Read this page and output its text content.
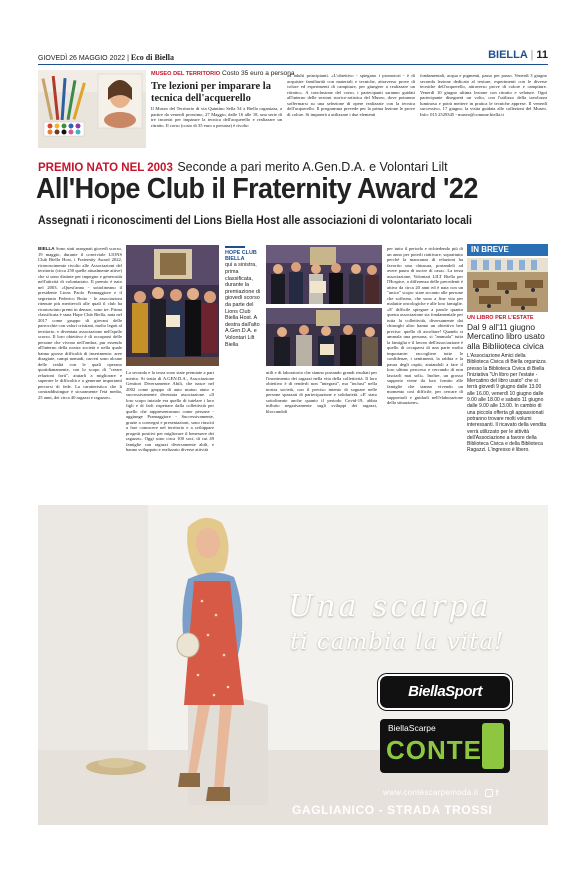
GIOVEDÌ 26 MAGGIO 2022 | Eco di Biella	BIELLA | 11
MUSEO DEL TERRITORIO Costo 35 euro a persona
Tre lezioni per imparare la tecnica dell'acquerello
Il Museo del Territorio di via Quintino Sella 54 a Biella organizza, a partire da venerdì prossimo, 27 Maggio, dalle 16 alle 18, una serie di tre incontri per imparare la tecnica dell'acquerello e realizzare un ritratto. Il corso (costo di 35 euro a persona) è rivolto
ad adulti principianti. «L'obiettivo - spiegano i promotori - è di acquisire familiarità con materiali e tecniche, attraverso prove di colore ed esperimenti di campiture, per giungere a realizzare un ritratto». A conclusione del corso, i partecipanti saranno guidati all'interno delle sezioni storico-artistica del Museo, dove potranno soffermarsi su una selezione di opere realizzate con la tecnica dell'acquerello. Il programma prevede per la prima lezione le prove di colore. Si imparerà a utilizzare i due elementi
fondamentali, acqua e pigmenti, passo per passo. Venerdì 3 giugno seconda lezione dedicata al texture, esperimenti con le diverse tecniche dell'acquerello, attraverso prove di colore e campiture. Venerdì 10 giugno ultima lezione con ritratto e velature. Ogni partecipante disegnerà un volto, con l'utilizzo della tavolozza luminosa e potrà mettere in pratica le tecniche apprese. Il venerdì successivo, 17 giugno, la visita guidata alle collezioni del Museo. Info: 015 2529345 - museo@comune.biella.it
PREMIO NATO NEL 2003 Seconde a pari merito A.Gen.D.A. e Volontari Lilt
All'Hope Club il Fraternity Award '22
Assegnati i riconoscimenti del Lions Biella Host alle associazioni di volontariato locali
BIELLA Sono stati assegnati giovedì scorso, 19 maggio, durante il conviviale LIONS Club Biella Host, i Fraternity Award 2022, riconoscimento rivolto alle Associazioni del territorio (circa 250 quelle attualmente attive) che si sono distinte per impegno e generosità nell'attività di volontariato. Il premio è nato nel 2003. «Quest'anno - sottolineano il presidente Lions Paolo Pramaggiore e il segretario Federico Botto - le associazioni ritenute più meritevoli alle quali il club ha riconosciuto premi in denaro, sono tre. Prima classificata è stata Hope Club Biella, nata nel 2017 come gruppo di giovani delle parrocchie con valori cristiani, molto legati al territorio, e diventata associazione nell'aprile scorso. Il loro obiettivo è di occuparsi delle persone che vivono nell'ombra, pur essendo all'interno della nostra società e nella quale hanno grosse difficoltà di inserimento: aree disagiate, campi nomadi, carceri sono alcune delle realtà con le quali operano quotidianamente, con lo scopo di "creare relazioni forti", aiutarli a migliorare e superare le difficoltà e a generare importanti percorsi di fede. La caratteristica che li contraddistingue è sicuramente l'età media, 25 anni, dei circa 40 ragazzi e ragazze».
HOPE CLUB BIELLA
qui a sinistra, prima classificata, durante la premiazione di giovedì scorso da parte del Lions Club Biella Host. A destra dall'alto A.Gen.D.A. e Volontari Lilt Biella
La seconda e la terza sono state premiate a pari merito. Si tratta di A.GEN.D.A., Associazione Genitori Diversamente Abili, che nasce nel 2002 come gruppo di auto mutuo aiuto e successivamente diventata associazione. «Il loro scopo iniziale era quello di tutelare i loro figli e di farli rispettare dalla collettività per quello che rappresentavano come persone - aggiunge Pramaggiore - Successivamente, grazie a convegni e presentazioni, sono riusciti a fare conoscere nel territorio e a sviluppare progetti positivi per migliorare il benessere dei ragazzi». Oggi sono circa 100 soci, di cui 49 famiglie con ragazzi diversamente abili, e hanno sviluppato e realizzato diverse attività
utili e di laboratorio che stanno portando grandi risultati per l'inserimento dei ragazzi nella vita della collettività. Il loro obiettivo è di renderli non "integrati", ma "inclusi" nella nostra società, con il preciso intento di sognare nelle persone spazzati di partecipazione e solidarietà. «E' stato sottolineato anche quanto il periodo Covid-19, abbia influito negativamente sugli sviluppi dei ragazzi, bloccandoli
per tutto il periodo e richiedendo più di un anno per poterli riattivare, soprattutto perché la mancanza di relazioni ha favorito una chiusura, portandoli ad avere paura di uscire di casa». La terza associazione, Volontari LILT Biella per l'Hospice, a differenza delle precedenti è attiva da circa 20 anni ed è nata con un "unico" scopo: stare accanto alle persone che soffrono, che sono a fine vita per malattie oncologiche e alle loro famiglie. «E' difficile spiegare a parole quanto questa associazione sia fondamentale per tutta la collettività, diversamente dai chirurghi altro hanno un obiettivo ben preciso: quello di ascoltare! Quando si ammala una persona, si "ammala" tutta la famiglia e il lavoro dell'associazione è quello di occuparsi di una parte molto importante: raccogliere tutte le confidenze, i sentimenti, la rabbia e la paura degli ospiti, aiutandoli a fare il loro ultimo percorso e cercando di non lasciarli mai soli». Inoltre, un grosso supporto viene da loro fornito alle famiglie che stanno vivendo un momento così difficile, per cercare di supportarli e guidarli nell'elaborazione della situazione».
IN BREVE
UN LIBRO PER L'ESTATE
Dal 9 all'11 giugno Mercatino libro usato alla Bibliioteca civica
L'Associazione Amici della Biblioteca Civica di Biella organizza presso la Biblioteca Civica di Biella l'iniziativa "Un libro per l'estate - Mercatino del libro usato" che si terrà giovedì 9 giugno dalle 13.00 alle 16.00, venerdì 10 giugno dalle 9.00 alle 18.00 e sabato 11 giugno dalle 9.00 alle 13.00. In cambio di una piccola offerta gli appassionati potranno trovare molti volumi interessanti. Il ricavato della vendita verrà utilizzato per le attività dell'Associazione a favore della Biblioteca Civica e della Biblioteca Ragazzi. L'ingresso è libero.
Una scarpa
ti cambia la vita!
BiellaSport
BiellaScarpe
CONTE
www.contescarpemoda.it f
GAGLIANICO - STRADA TROSSI
